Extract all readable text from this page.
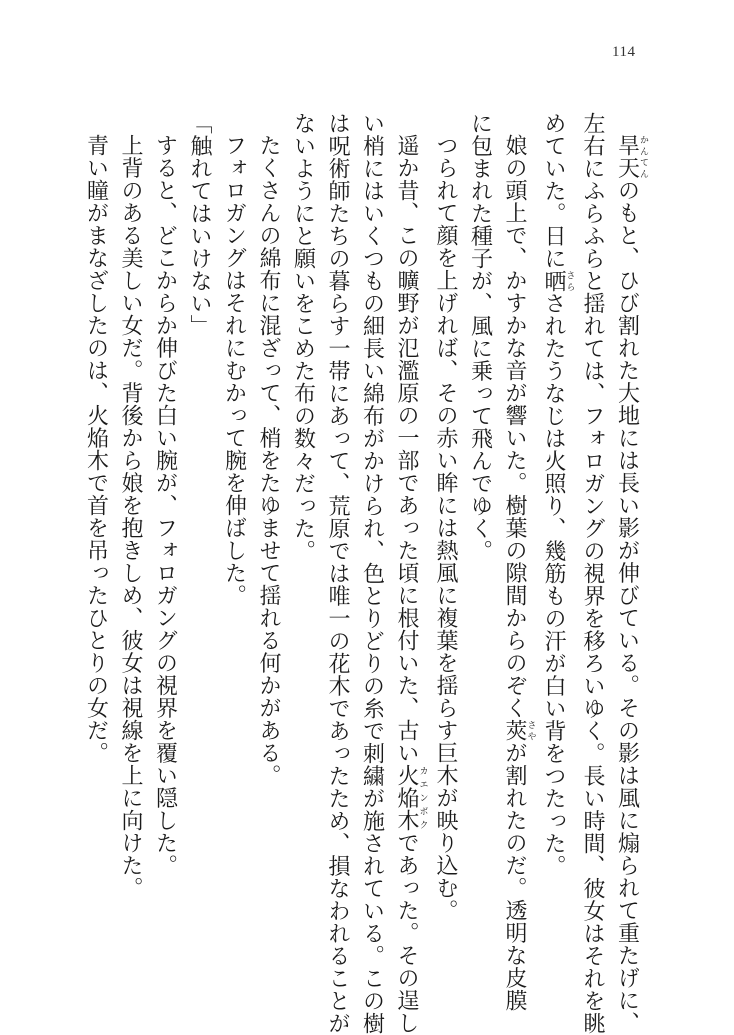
114
旱天かんてんのもと、ひび割れた大地には長い影が伸びている。その影は風に煽られて重たげに、
左右にふらふらと揺れては、フォロガングの視界を移ろいゆく。長い時間、彼女はそれを眺
めていた。日に晒さらされたうなじは火照り、幾筋もの汗が白い背をつたった。
娘の頭上で、かすかな音が響いた。樹葉の隙間からのぞく莢さやが割れたのだ。透明な皮膜
に包まれた種子が、風に乗って飛んでゆく。
つられて顔を上げれば、その赤い眸には熱風に複葉を揺らす巨木が映り込む。
遥か昔、この曠野が氾濫原の一部であった頃に根付いた、古い火焔木カエンボクであった。その逞し
い梢にはいくつもの細長い綿布がかけられ、色とりどりの糸で刺繍が施されている。この樹
は呪術師たちの暮らす一帯にあって、荒原では唯一の花木であったため、損なわれることが
ないようにと願いをこめた布の数々だった。
たくさんの綿布に混ざって、梢をたゆませて揺れる何かがある。
フォロガングはそれにむかって腕を伸ばした。
「触れてはいけない」
すると、どこからか伸びた白い腕が、フォロガングの視界を覆い隠した。
上背のある美しい女だ。背後から娘を抱きしめ、彼女は視線を上に向けた。
青い瞳がまなざしたのは、火焔木で首を吊ったひとりの女だ。
